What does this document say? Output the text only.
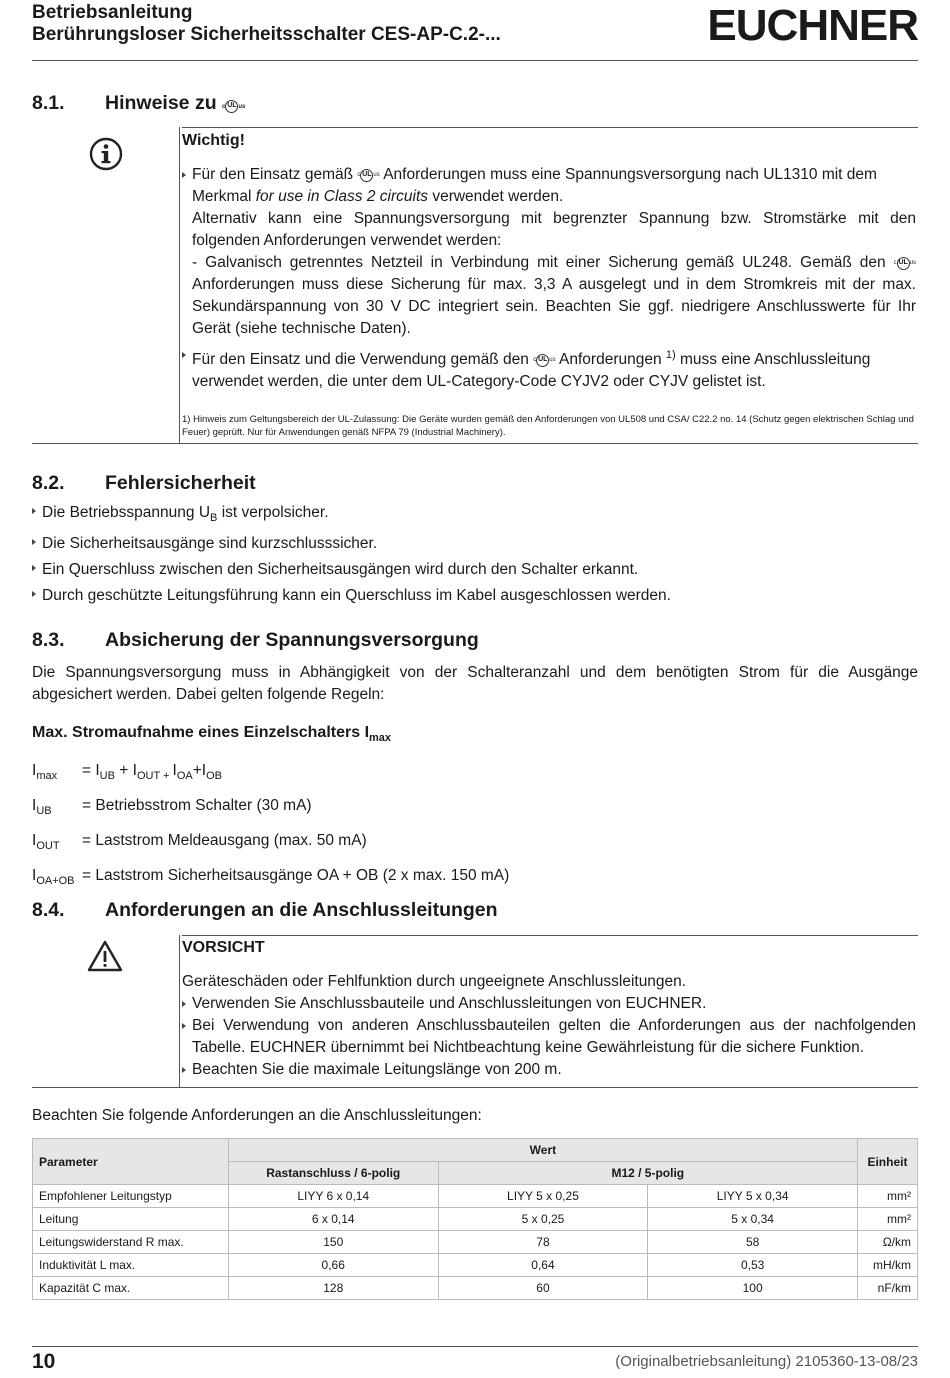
Betriebsanleitung
Berührungsloser Sicherheitsschalter CES-AP-C.2-...	EUCHNER
8.1. Hinweise zu c UL us
Wichtig!
Für den Einsatz gemäß c UL us Anforderungen muss eine Spannungsversorgung nach UL1310 mit dem
Merkmal for use in Class 2 circuits verwendet werden.
Alternativ kann eine Spannungsversorgung mit begrenzter Spannung bzw. Stromstärke mit den folgenden Anforderungen verwendet werden:
- Galvanisch getrenntes Netzteil in Verbindung mit einer Sicherung gemäß UL248. Gemäß den c UL us Anforderungen muss diese Sicherung für max. 3,3 A ausgelegt und in dem Stromkreis mit der max. Sekundärspannung von 30 V DC integriert sein. Beachten Sie ggf. niedrigere Anschlusswerte für Ihr Gerät (siehe technische Daten).
Für den Einsatz und die Verwendung gemäß den c UL us Anforderungen $^{1)}$ muss eine Anschlussleitung verwendet werden, die unter dem UL-Category-Code CYJV2 oder CYJV gelistet ist.
1) Hinweis zum Geltungsbereich der UL-Zulassung: Die Geräte wurden gemäß den Anforderungen von UL508 und CSA/ C22.2 no. 14 (Schutz gegen elektrischen Schlag und Feuer) geprüft. Nur für Anwendungen genäß NFPA 79 (Industrial Machinery).
8.2. Fehlersicherheit
Die Betriebsspannung $U_B$ ist verpolsicher.
Die Sicherheitsausgänge sind kurzschlusssicher.
Ein Querschluss zwischen den Sicherheitsausgängen wird durch den Schalter erkannt.
Durch geschützte Leitungsführung kann ein Querschluss im Kabel ausgeschlossen werden.
8.3. Absicherung der Spannungsversorgung
Die Spannungsversorgung muss in Abhängigkeit von der Schalteranzahl und dem benötigten Strom für die Ausgänge abgesichert werden. Dabei gelten folgende Regeln:
Max. Stromaufnahme eines Einzelschalters $I_{max}$
$I_{max} = I_{UB} + I_{OUT +}$ $I_{OA}+I_{OB}$
$I_{UB}$ = Betriebsstrom Schalter (30 mA)
$I_{OUT}$ = Laststrom Meldeausgang (max. 50 mA)
$I_{OA+OB}$ = Laststrom Sicherheitsausgänge OA + OB (2 x max. 150 mA)
8.4. Anforderungen an die Anschlussleitungen
VORSICHT
Geräteschäden oder Fehlfunktion durch ungeeignete Anschlussleitungen.
Verwenden Sie Anschlussbauteile und Anschlussleitungen von EUCHNER.
Bei Verwendung von anderen Anschlussbauteilen gelten die Anforderungen aus der nachfolgenden Tabelle. EUCHNER übernimmt bei Nichtbeachtung keine Gewährleistung für die sichere Funktion.
Beachten Sie die maximale Leitungslänge von 200 m.
Beachten Sie folgende Anforderungen an die Anschlussleitungen:
Parameter	Wert			Einheit
	Rastanschluss / 6-polig	M12 / 5-polig		
Empfohlener Leitungstyp	LIYY 6 x 0,14	LIYY 5 x 0,25	LIYY 5 x 0,34	mm²
Leitung	6 x 0,14	5 x 0,25	5 x 0,34	mm²
Leitungswiderstand R max.	150	78	58	Ω/km
Induktivität L max.	0,66	0,64	0,53	mH/km
Kapazität C max.	128	60	100	nF/km
10	(Originalbetriebsanleitung) 2105360-13-08/23
